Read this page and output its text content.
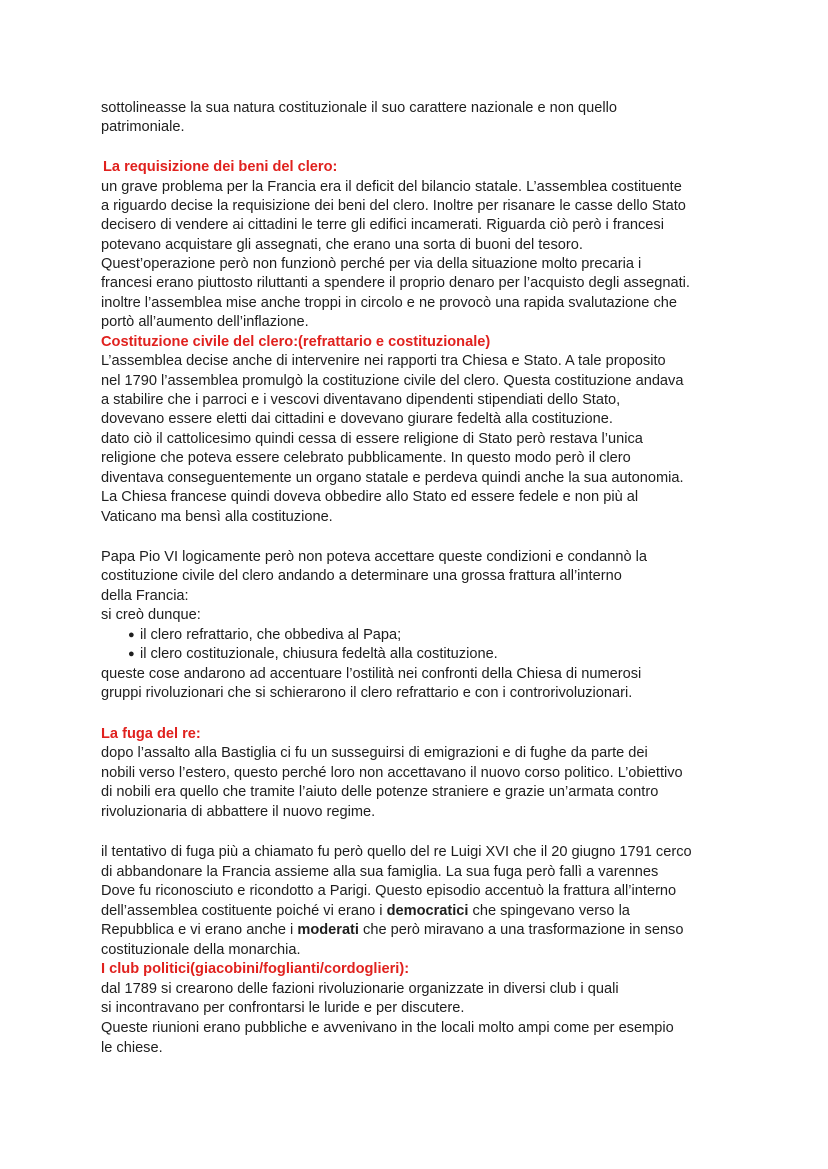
sottolineasse la sua natura costituzionale il suo carattere nazionale e non quello
patrimoniale.
La requisizione dei beni del clero:
un grave problema per la Francia era il deficit del bilancio statale. L’assemblea costituente
a riguardo decise la requisizione dei beni del clero. Inoltre per risanare le casse dello Stato
decisero di vendere ai cittadini le terre gli edifici incamerati. Riguarda ciò però i francesi
potevano acquistare gli assegnati, che erano una sorta di buoni del tesoro.
Quest’operazione però non funzionò perché per via della situazione molto precaria i
francesi erano piuttosto riluttanti a spendere il proprio denaro per l’acquisto degli assegnati.
inoltre l’assemblea mise anche troppi in circolo e ne provocò una rapida svalutazione che
portò all’aumento dell’inflazione.
Costituzione civile del clero:(refrattario e costituzionale)
L’assemblea decise anche di intervenire nei rapporti tra Chiesa e Stato. A tale proposito
nel 1790 l’assemblea promulgò la costituzione civile del clero. Questa costituzione andava
a stabilire che i parroci e i vescovi diventavano dipendenti stipendiati dello Stato,
dovevano essere eletti dai cittadini e dovevano giurare fedeltà alla costituzione.
dato ciò il cattolicesimo quindi cessa di essere religione di Stato però restava l’unica
religione che poteva essere celebrato pubblicamente. In questo modo però il clero
diventava conseguentemente un organo statale e perdeva quindi anche la sua autonomia.
La Chiesa francese quindi doveva obbedire allo Stato ed essere fedele e non più al
Vaticano ma bensì alla costituzione.
Papa Pio VI logicamente però non poteva accettare queste condizioni e condannò la
costituzione civile del clero andando a determinare una grossa frattura all’interno
della Francia:
si creò dunque:
● il clero refrattario, che obbediva al Papa;
● il clero costituzionale, chiusura fedeltà alla costituzione.
queste cose andarono ad accentuare l’ostilità nei confronti della Chiesa di numerosi
gruppi rivoluzionari che si schierarono il clero refrattario e con i controrivoluzionari.
La fuga del re:
dopo l’assalto alla Bastiglia ci fu un susseguirsi di emigrazioni e di fughe da parte dei
nobili verso l’estero, questo perché loro non accettavano il nuovo corso politico. L’obiettivo
di nobili era quello che tramite l’aiuto delle potenze straniere e grazie un’armata contro
rivoluzionaria di abbattere il nuovo regime.
il tentativo di fuga più a chiamato fu però quello del re Luigi XVI che il 20 giugno 1791 cerco
di abbandonare la Francia assieme alla sua famiglia. La sua fuga però fallì a varennes
Dove fu riconosciuto e ricondotto a Parigi. Questo episodio accentuò la frattura all’interno
dell’assemblea costituente poiché vi erano i democratici che spingevano verso la
Repubblica e vi erano anche i moderati che però miravano a una trasformazione in senso
costituzionale della monarchia.
I club politici(giacobini/foglianti/cordoglieri):
dal 1789 si crearono delle fazioni rivoluzionarie organizzate in diversi club i quali
si incontravano per confrontarsi le luride e per discutere.
Queste riunioni erano pubbliche e avvenivano in the locali molto ampi come per esempio
le chiese.
